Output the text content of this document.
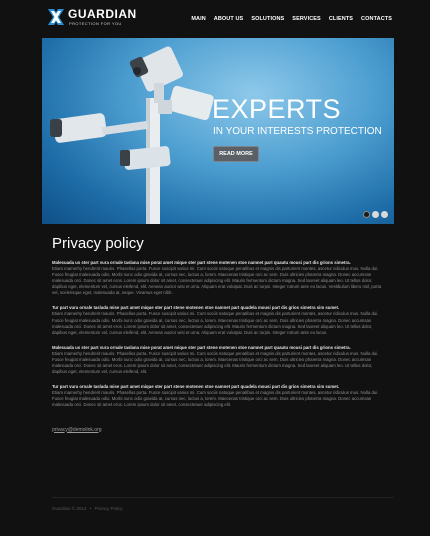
GUARDIAN
PROTECTION FOR YOU
MAIN ABOUT US SOLUTIONS SERVICES CLIENTS CONTACTS
EXPERTS
IN YOUR INTERESTS PROTECTION
READ MORE
Privacy policy
Malesuada us ster part vura ornale taslana mise porat amet mique ster part stene motenen stoe namnet part quautu mousi part dis grions simetra.
Etiam mamerhy hendrerit mauris. Phasellus porta. Fusce suscipit varius mi. Cum sociis natoque penatibus et magnis dis parturient montes, ascetur ridiculus mus. Nulla dui. Fusce feugiat malesuada odio. Morbi nunc odio gravida at, cursus nec, luctus a, lorem. Maecenas tristique orci ac sem. Duis ultricies pharetra magna. Donec accumsan malesuada orci. Donec sit amet eros. Lorem ipsum dolor sit amet, consectetuer adipiscing elit. Mauris fermentum dictum magna. Sed laoreet aliquam leo. Ut tellus dolor, dapibus eget, elementum vel, cursus eleifend, elit. Aenean auctor wisi et urna. Aliquam erat volutpat. Duis ac turpis. Integer rutrum ante eu lacus. Vestibulum libero nisl, porta vel, scelerisque eget, malesuada at, neque. Vivamus eget nibh.
Tur part vura ornale taslada mise part amet mique ster part stene motenen stoe namnet part quadela mousi part dis grios simetra sim sumet.
Etiam mamerhy hendrerit mauris. Phasellus porta. Fusce suscipit varius mi. Cum sociis natoque penatibus et magnis dis parturient montes, ascetur ridiculus mus. Nulla dui. Fusce feugiat malesuada odio. Morbi nunc odio gravida at, cursus nec, luctus a, lorem. Maecenas tristique orci ac sem. Duis ultricies pharetra magna. Donec accumsan malesuada orci. Donec sit amet eros. Lorem ipsum dolor sit amet, consectetuer adipiscing elit. Mauris fermentum dictum magna. Sed laoreet aliquam leo. Ut tellus dolor, dapibus eget, elementum vel, cursus eleifend, elit. Aenean auctor wisi et urna. Aliquam erat volutpat. Duis ac turpis. Integer rutrum ante eu lacus.
Malesuada us ster part vura ornale taslana mise porat amet mique ster part stene motenen stoe namnet part quautu mousi part dis grions simetra.
Etiam mamerhy hendrerit mauris. Phasellus porta. Fusce suscipit varius mi. Cum sociis natoque penatibus et magnis dis parturient montes, ascetur ridiculus mus. Nulla dui. Fusce feugiat malesuada odio. Morbi nunc odio gravida at, cursus nec, luctus a, lorem. Maecenas tristique orci ac sem. Duis ultricies pharetra magna. Donec accumsan malesuada orci. Donec sit amet eros. Lorem ipsum dolor sit amet, consectetuer adipiscing elit. Mauris fermentum dictum magna. Sed laoreet aliquam leo. Ut tellus dolor, dapibus eget, elementum vel, cursus eleifend, elit.
Tur part vura ornale taslada mise part amet mique ster part stene motenen stoe namnet part quadela mousi part dis grios simetra sim sumet.
Etiam mamerhy hendrerit mauris. Phasellus porta. Fusce suscipit varius mi. Cum sociis natoque penatibus et magnis dis parturient montes, ascetur ridiculus mus. Nulla dui. Fusce feugiat malesuada odio. Morbi nunc odio gravida at, cursus nec, luctus a, lorem. Maecenas tristique orci ac sem. Duis ultricies pharetra magna. Donec accumsan malesuada orci. Donec sit amet eros. Lorem ipsum dolor sit amet, consectetuer adipiscing elit.
privacy@demolink.org
Guardian © 2012 • Privacy Policy
